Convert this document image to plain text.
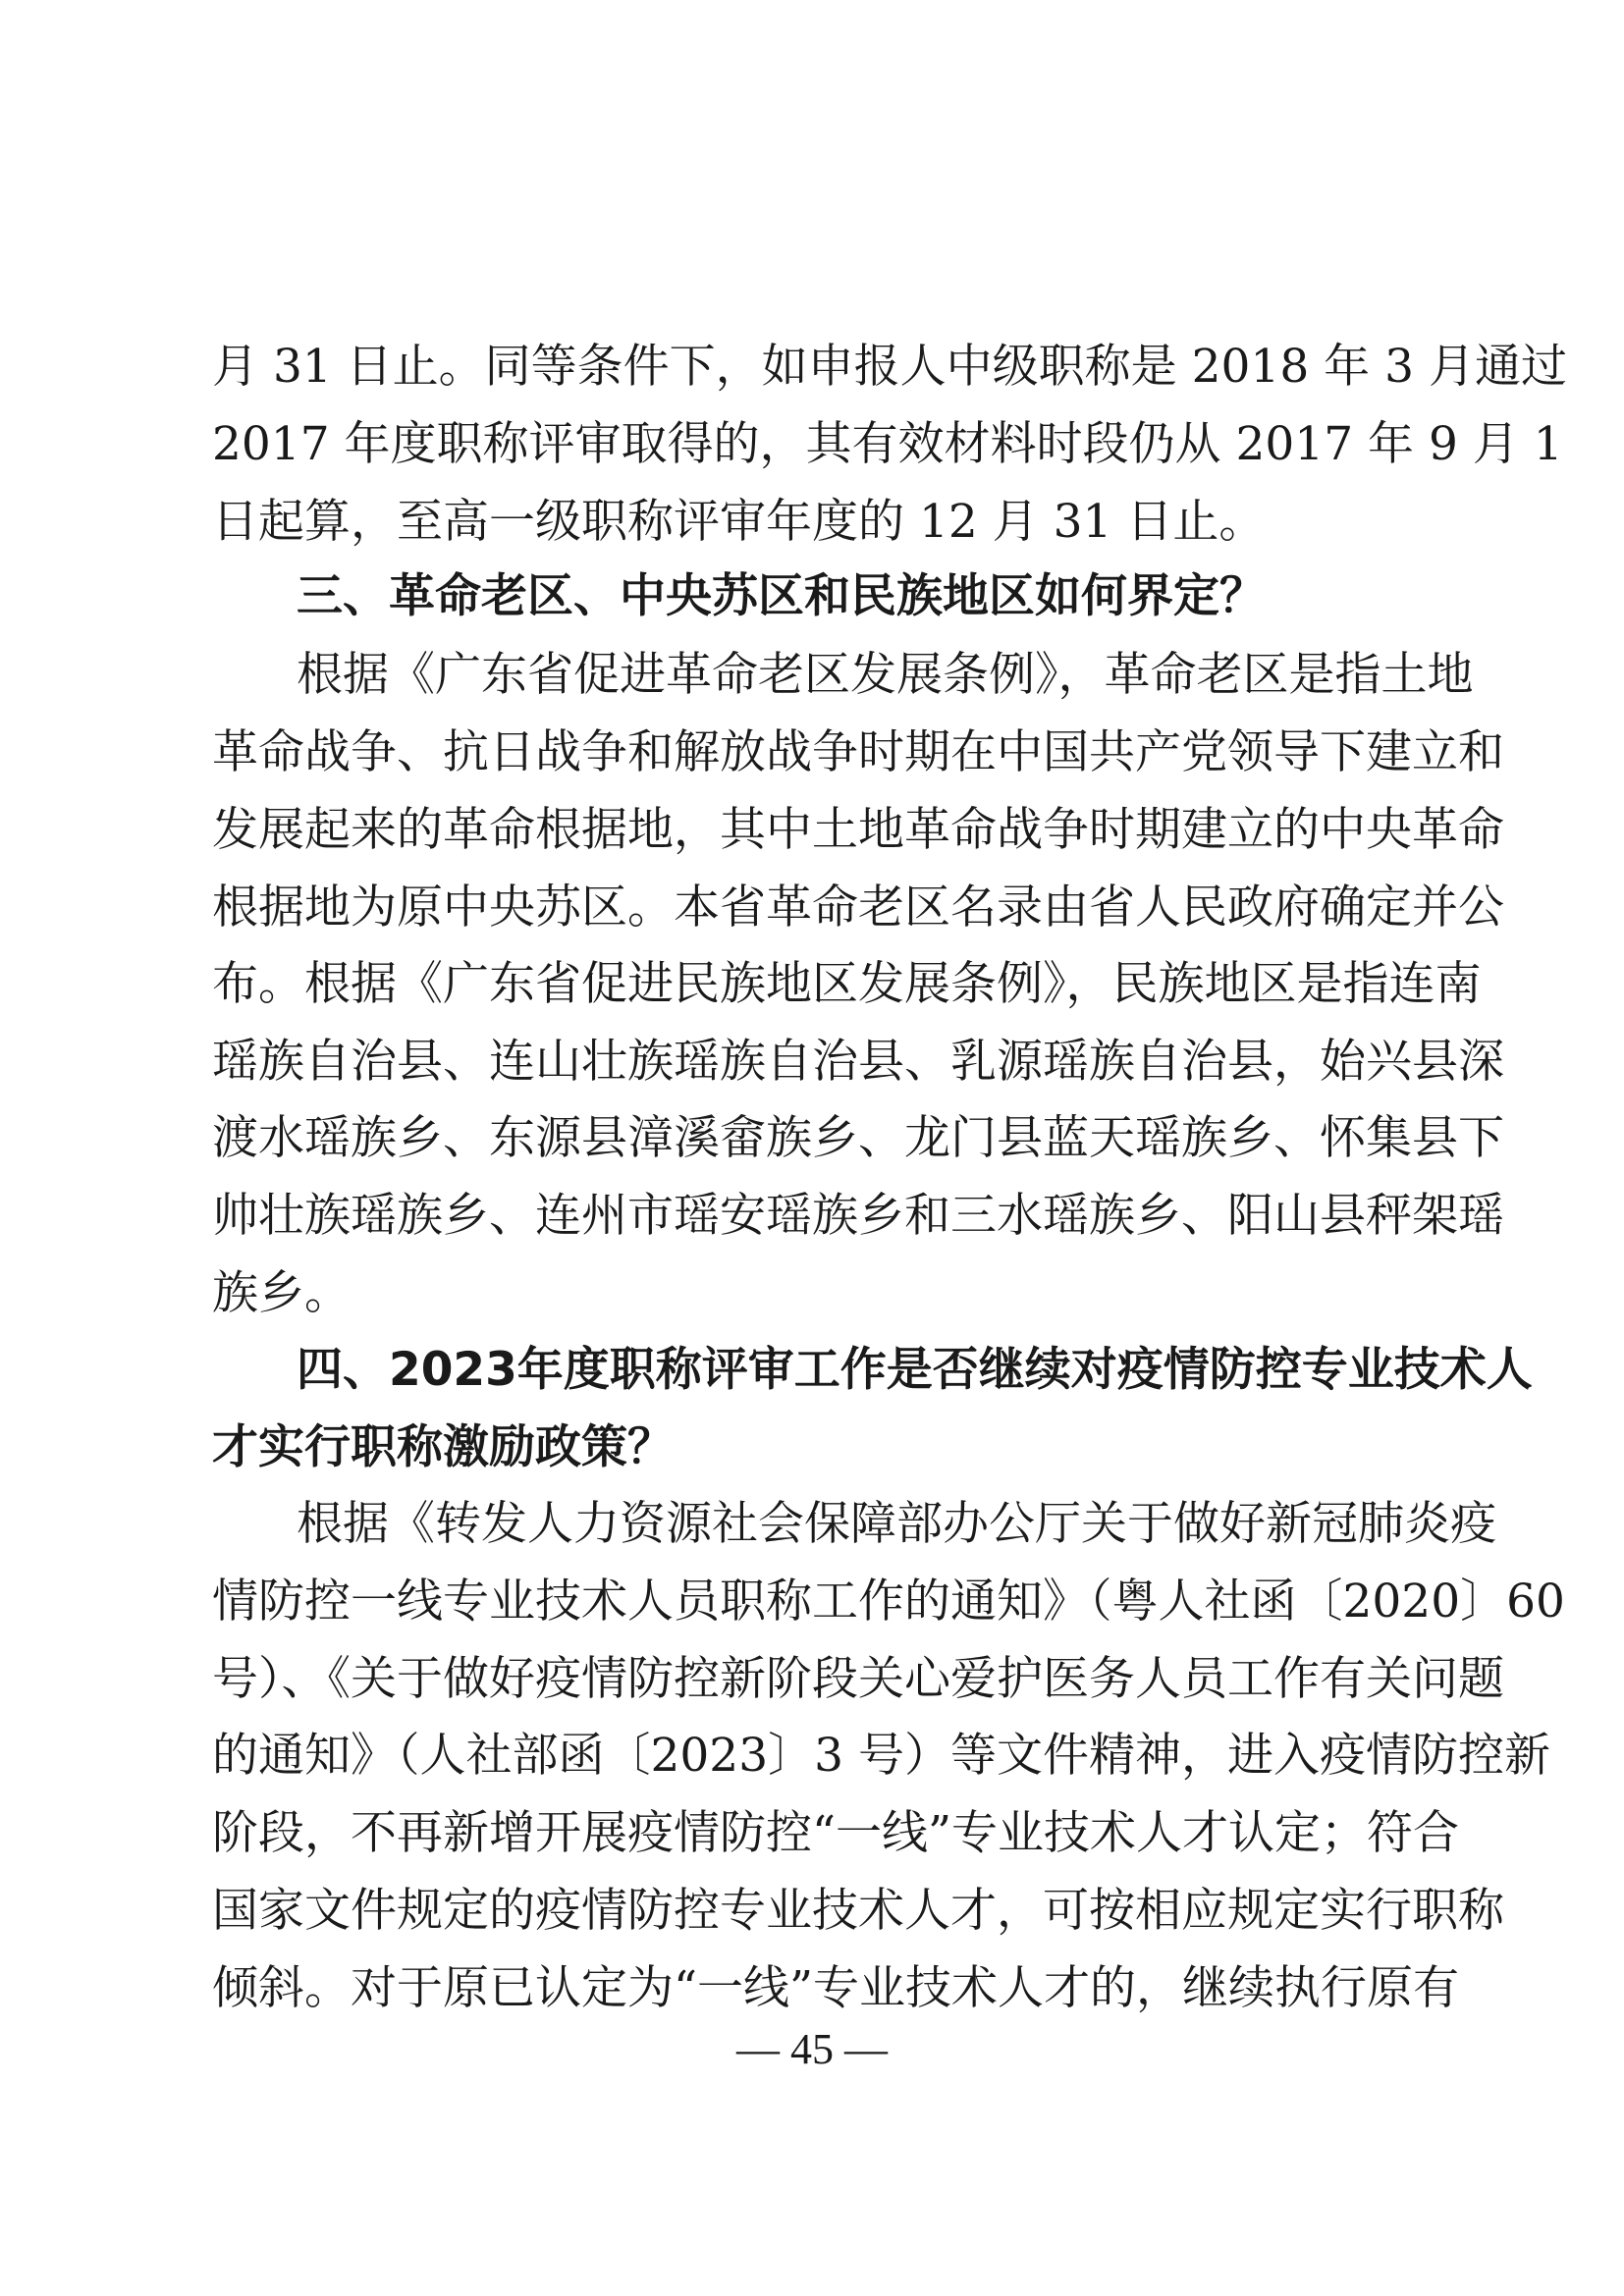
月 31 日止。同等条件下，如申报人中级职称是 2018 年 3 月通过
2017 年度职称评审取得的，其有效材料时段仍从 2017 年 9 月 1
日起算，至高一级职称评审年度的 12 月 31 日止。
三、革命老区、中央苏区和民族地区如何界定？
根据《广东省促进革命老区发展条例》，革命老区是指土地
革命战争、抗日战争和解放战争时期在中国共产党领导下建立和
发展起来的革命根据地，其中土地革命战争时期建立的中央革命
根据地为原中央苏区。本省革命老区名录由省人民政府确定并公
布。根据《广东省促进民族地区发展条例》，民族地区是指连南
瑶族自治县、连山壮族瑶族自治县、乳源瑶族自治县，始兴县深
渡水瑶族乡、东源县漳溪畲族乡、龙门县蓝天瑶族乡、怀集县下
帅壮族瑶族乡、连州市瑶安瑶族乡和三水瑶族乡、阳山县秤架瑶
族乡。
四、2023年度职称评审工作是否继续对疫情防控专业技术人
才实行职称激励政策？
根据《转发人力资源社会保障部办公厅关于做好新冠肺炎疫
情防控一线专业技术人员职称工作的通知》（粤人社函〔2020〕60
号）、《关于做好疫情防控新阶段关心爱护医务人员工作有关问题
的通知》（人社部函〔2023〕3 号）等文件精神，进入疫情防控新
阶段，不再新增开展疫情防控“一线”专业技术人才认定；符合
国家文件规定的疫情防控专业技术人才，可按相应规定实行职称
倾斜。对于原已认定为“一线”专业技术人才的，继续执行原有
— 45 —
